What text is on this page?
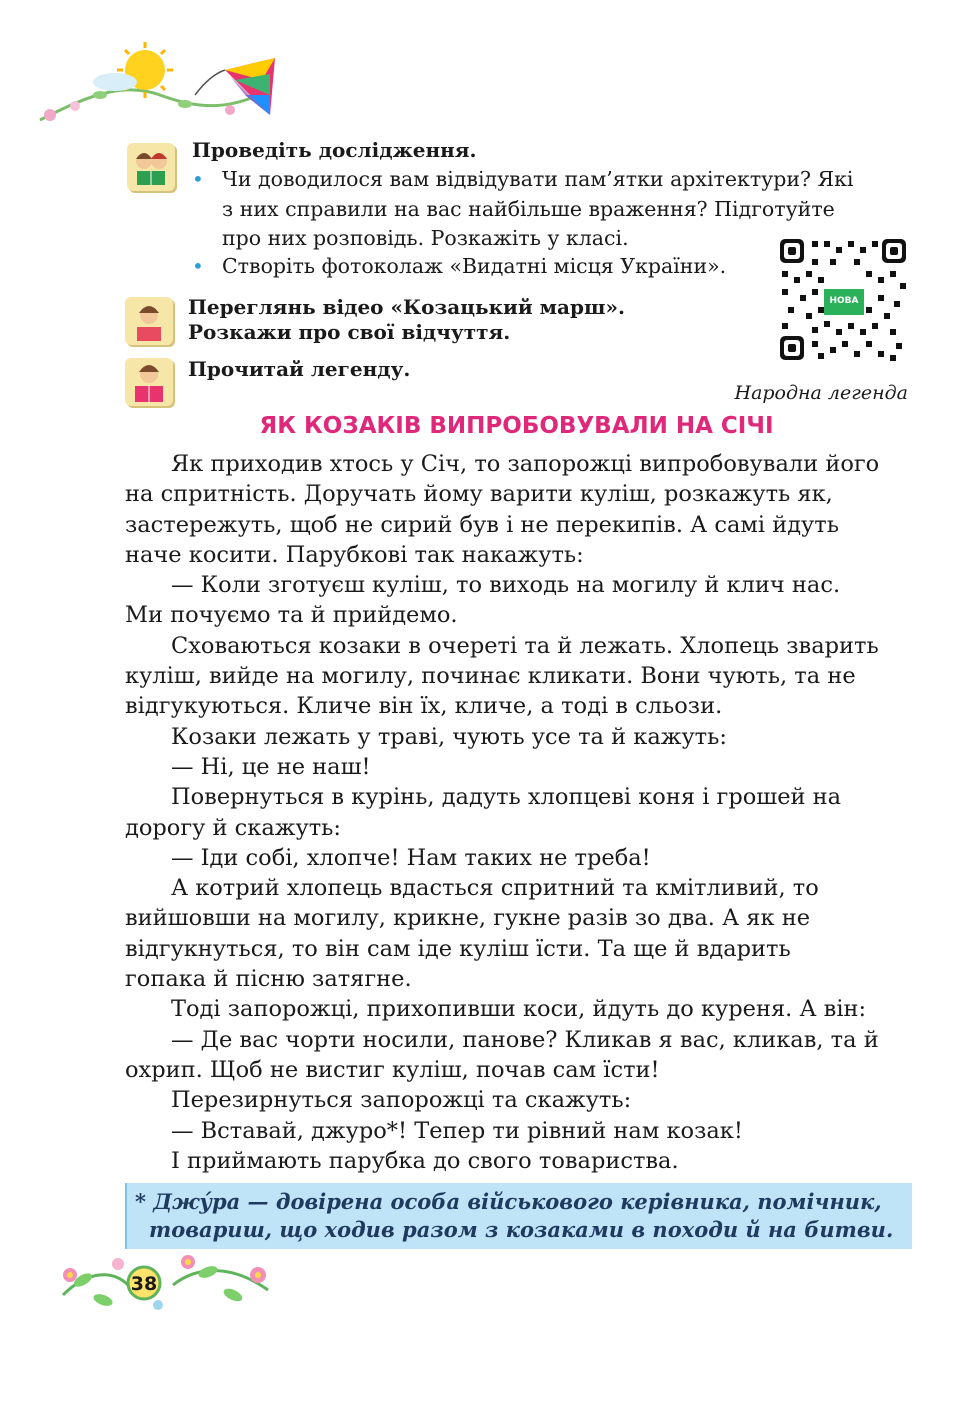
Проведіть дослідження.
• Чи доводилося вам відвідувати пам’ятки архітектури? Які
з них справили на вас найбільше враження? Підготуйте
про них розповідь. Розкажіть у класі.
• Створіть фотоколаж «Видатні місця України».
НОВА
Переглянь відео «Козацький марш».
Розкажи про свої відчуття.
Прочитай легенду.
Народна легенда
ЯК КОЗАКІВ ВИПРОБОВУВАЛИ НА СІЧІ
Як приходив хтось у Січ, то запорожці випробовували його
на спритність. Доручать йому варити куліш, розкажуть як,
застережуть, щоб не сирий був і не перекипів. А самі йдуть
наче косити. Парубкові так накажуть:
— Коли зготуєш куліш, то виходь на могилу й клич нас.
Ми почуємо та й прийдемо.
Сховаються козаки в очереті та й лежать. Хлопець зварить
куліш, вийде на могилу, починає кликати. Вони чують, та не
відгукуються. Кличе він їх, кличе, а тоді в сльози.
Козаки лежать у траві, чують усе та й кажуть:
— Ні, це не наш!
Повернуться в курінь, дадуть хлопцеві коня і грошей на
дорогу й скажуть:
— Іди собі, хлопче! Нам таких не треба!
А котрий хлопець вдасться спритний та кмітливий, то
вийшовши на могилу, крикне, гукне разів зо два. А як не
відгукнуться, то він сам іде куліш їсти. Та ще й вдарить
гопака й пісню затягне.
Тоді запорожці, прихопивши коси, йдуть до куреня. А він:
— Де вас чорти носили, панове? Кликав я вас, кликав, та й
охрип. Щоб не вистиг куліш, почав сам їсти!
Перезирнуться запорожці та скажуть:
— Вставай, джуро*! Тепер ти рівний нам козак!
І приймають парубка до свого товариства.
* Джу́ра — довірена особа військового керівника, помічник,
товариш, що ходив разом з козаками в походи й на битви.
38
